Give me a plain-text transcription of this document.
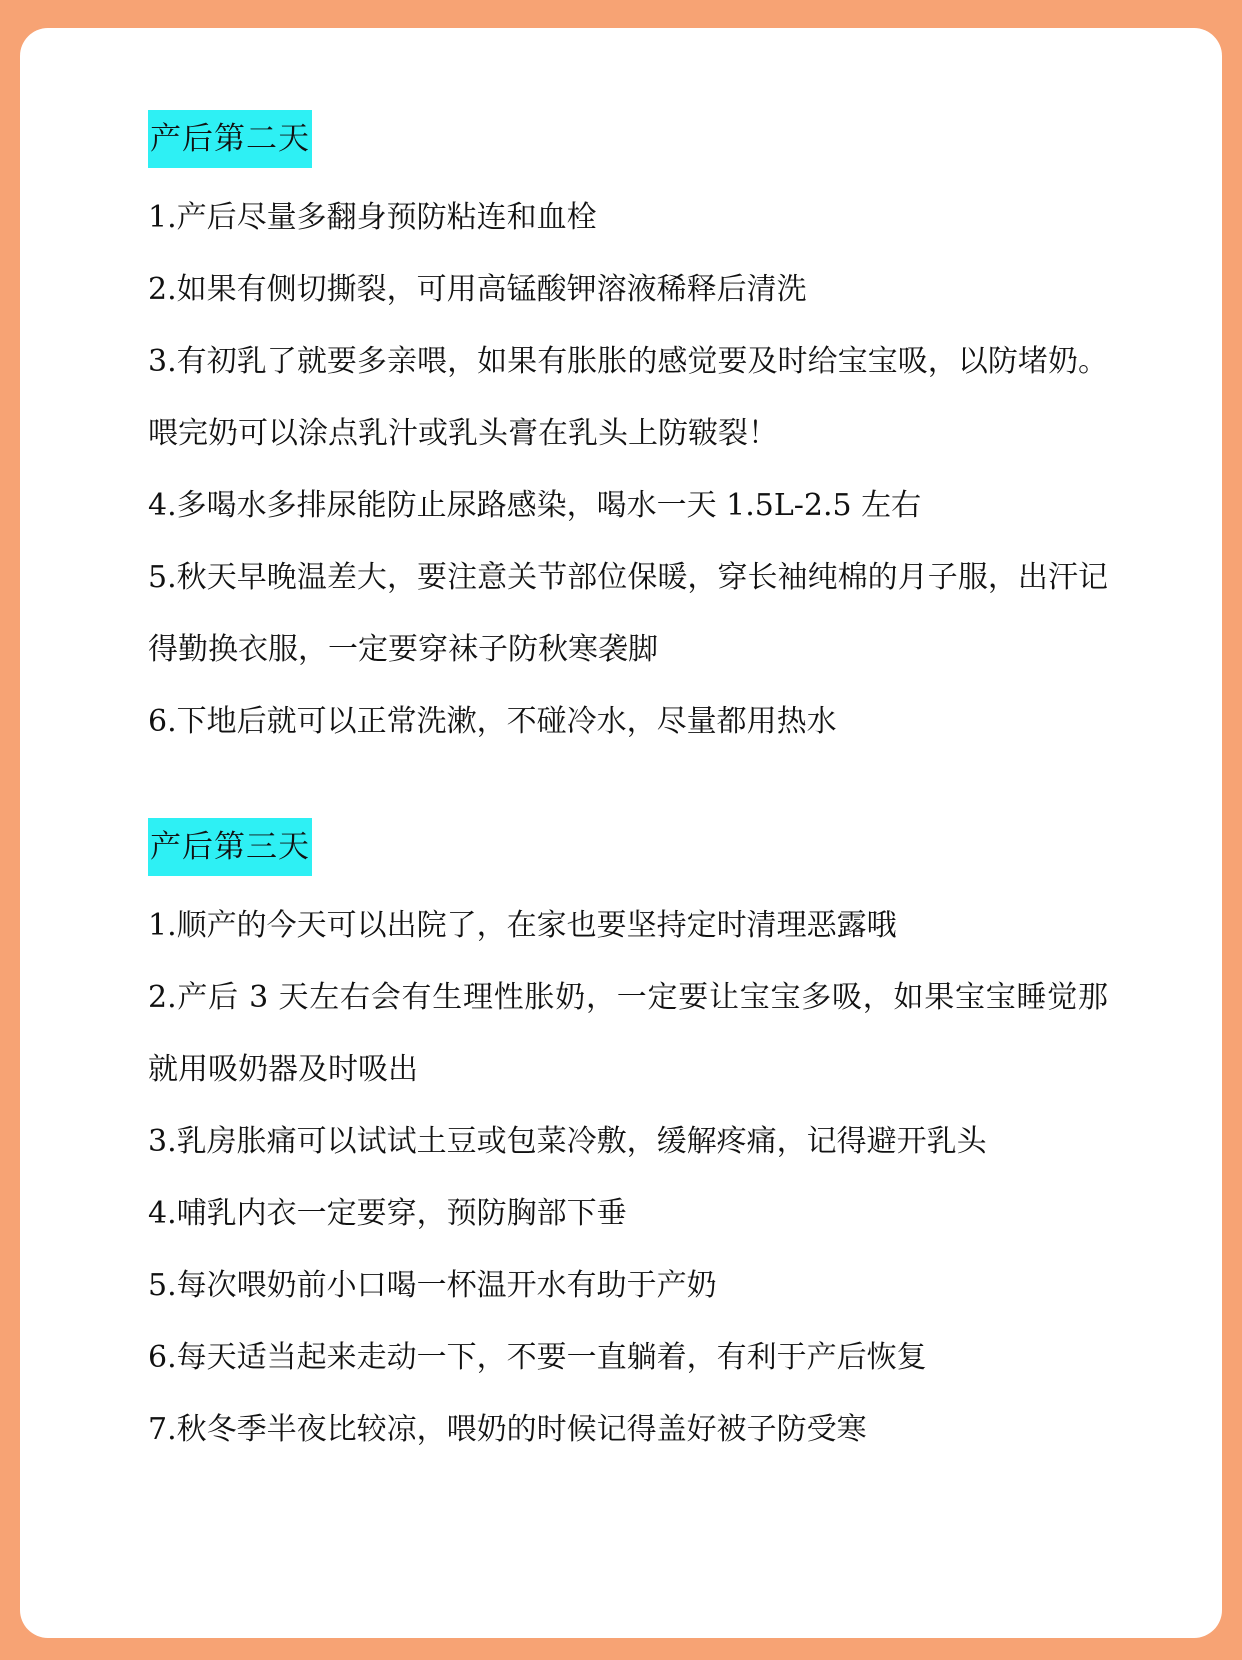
产后第二天

1.产后尽量多翻身预防粘连和血栓

2.如果有侧切撕裂，可用高锰酸钾溶液稀释后清洗

3.有初乳了就要多亲喂，如果有胀胀的感觉要及时给宝宝吸，以防堵奶。喂完奶可以涂点乳汁或乳头膏在乳头上防皲裂！

4.多喝水多排尿能防止尿路感染，喝水一天 1.5L-2.5 左右

5.秋天早晚温差大，要注意关节部位保暖，穿长袖纯棉的月子服，出汗记得勤换衣服，一定要穿袜子防秋寒袭脚

6.下地后就可以正常洗漱，不碰冷水，尽量都用热水

产后第三天

1.顺产的今天可以出院了，在家也要坚持定时清理恶露哦

2.产后 3 天左右会有生理性胀奶，一定要让宝宝多吸，如果宝宝睡觉那就用吸奶器及时吸出

3.乳房胀痛可以试试土豆或包菜冷敷，缓解疼痛，记得避开乳头

4.哺乳内衣一定要穿，预防胸部下垂

5.每次喂奶前小口喝一杯温开水有助于产奶

6.每天适当起来走动一下，不要一直躺着，有利于产后恢复

7.秋冬季半夜比较凉，喂奶的时候记得盖好被子防受寒
